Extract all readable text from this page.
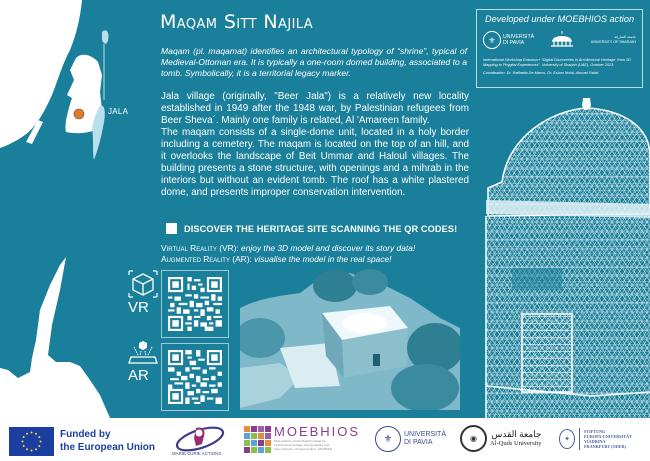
JALA
Maqam Sitt Najila

Maqam (pl. maqamat) identifies an architectural typology of “shrine”, typical of Medieval-Ottoman era. It is typically a one-room domed building, associated to a tomb. Symbolically, it is a territorial legacy marker.

Jala village (originally, "Beer Jala") is a relatively new locality established in 1949 after the 1948 war, by Palestinian refugees from Beer Sheva´. Mainly one family is related, Al 'Amareen family.

The maqam consists of a single-dome unit, located in a holy border including a cemetery. The maqam is located on the top of an hill, and it overlooks the landscape of Beit Ummar and Haloul villages. The building presents a stone structure, with openings and a mihrab in the interiors but without an evident tomb. The roof has a white plastered dome, and presents improper conservation intervention.

DISCOVER THE HERITAGE SITE SCANNING THE QR CODES!
Virtual Reality (VR): enjoy the 3D model and discover its story data!
Augmented Reality (AR): visualise the model in the real space!
VR
AR
Developed under MOEBHIOS action
⚜	UNIVERSITÀ
DI PAVIA
جامعة الشارقة
UNIVERSITY OF SHARJAH
International Workshop Erasmus+ “Digital Discoveries in Architectural Heritage: from 3D Mapping to Phygital Experiences”. University of Sharjah (UAE), October 2023.
Coordination: Dr. Raffaella De Marco, Dr. Eslam Nofal, Ahmad Fattal.
Funded by
the European Union
MARIE CURIE ACTIONS
MOEBHIOS
Multi-platform smart Digital heritage for Architectural Heritage Interoperability and Open Science - Project number: 101086421
⚜	UNIVERSITÀ
DI PAVIA	◉	جامعة القدس
Al-Quds University	✦
STIFTUNG
EUROPA-UNIVERSITÄT
VIADRINA
FRANKFURT (ODER)
